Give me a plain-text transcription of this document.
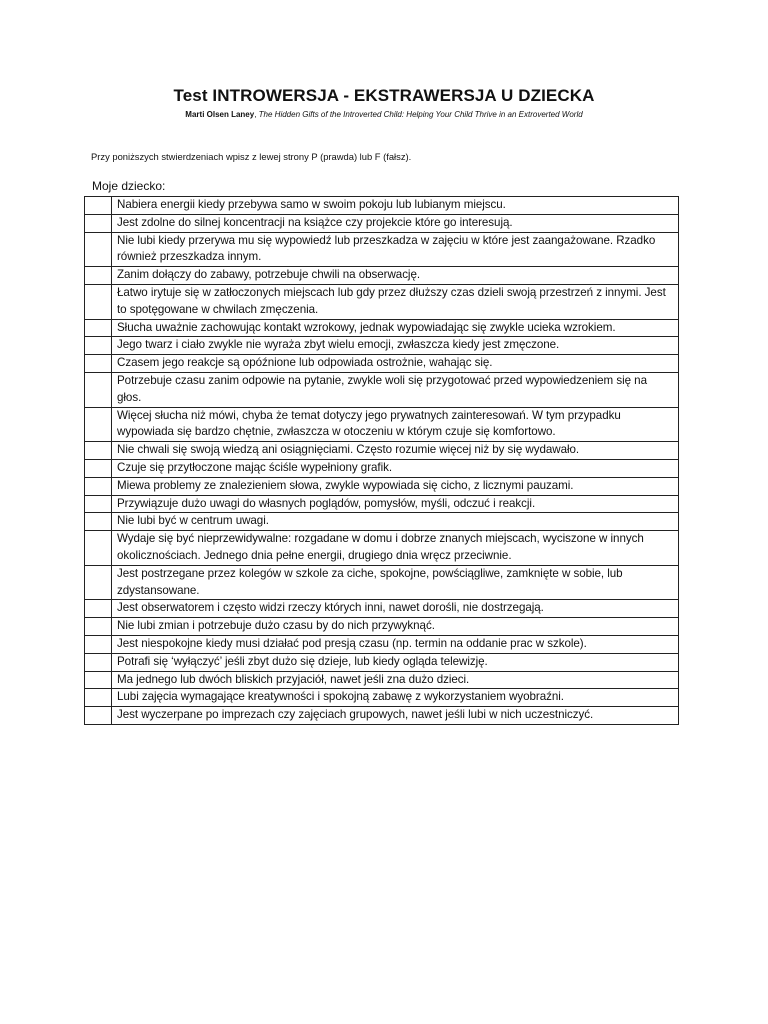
Test INTROWERSJA - EKSTRAWERSJA U DZIECKA
Marti Olsen Laney, The Hidden Gifts of the Introverted Child: Helping Your Child Thrive in an Extroverted World
Przy poniższych stwierdzeniach wpisz z lewej strony P (prawda) lub F (fałsz).
Moje dziecko:
	Nabiera energii kiedy przebywa samo w swoim pokoju lub lubianym miejscu.
	Jest zdolne do silnej koncentracji na książce czy projekcie które go interesują.
	Nie lubi kiedy przerywa mu się wypowiedź lub przeszkadza w zajęciu w które jest zaangażowane. Rzadko również przeszkadza innym.
	Zanim dołączy do zabawy, potrzebuje chwili na obserwację.
	Łatwo irytuje się w zatłoczonych miejscach lub gdy przez dłuższy czas dzieli swoją przestrzeń z innymi. Jest to spotęgowane w chwilach zmęczenia.
	Słucha uważnie zachowując kontakt wzrokowy, jednak wypowiadając się zwykle ucieka wzrokiem.
	Jego twarz i ciało zwykle nie wyraża zbyt wielu emocji, zwłaszcza kiedy jest zmęczone.
	Czasem jego reakcje są opóźnione lub odpowiada ostrożnie, wahając się.
	Potrzebuje czasu zanim odpowie na pytanie, zwykle woli się przygotować przed wypowiedzeniem się na głos.
	Więcej słucha niż mówi, chyba że temat dotyczy jego prywatnych zainteresowań. W tym przypadku wypowiada się bardzo chętnie, zwłaszcza w otoczeniu w którym czuje się komfortowo.
	Nie chwali się swoją wiedzą ani osiągnięciami. Często rozumie więcej niż by się wydawało.
	Czuje się przytłoczone mając ściśle wypełniony grafik.
	Miewa problemy ze znalezieniem słowa, zwykle wypowiada się cicho, z licznymi pauzami.
	Przywiązuje dużo uwagi do własnych poglądów, pomysłów, myśli, odczuć i reakcji.
	Nie lubi być w centrum uwagi.
	Wydaje się być nieprzewidywalne: rozgadane w domu i dobrze znanych miejscach, wyciszone w innych okolicznościach. Jednego dnia pełne energii, drugiego dnia wręcz przeciwnie.
	Jest postrzegane przez kolegów w szkole za ciche, spokojne, powściągliwe, zamknięte w sobie, lub zdystansowane.
	Jest obserwatorem i często widzi rzeczy których inni, nawet dorośli, nie dostrzegają.
	Nie lubi zmian i potrzebuje dużo czasu by do nich przywyknąć.
	Jest niespokojne kiedy musi działać pod presją czasu (np. termin na oddanie prac w szkole).
	Potrafi się ‘wyłączyć’ jeśli zbyt dużo się dzieje, lub kiedy ogląda telewizję.
	Ma jednego lub dwóch bliskich przyjaciół, nawet jeśli zna dużo dzieci.
	Lubi zajęcia wymagające kreatywności i spokojną zabawę z wykorzystaniem wyobraźni.
	Jest wyczerpane po imprezach czy zajęciach grupowych, nawet jeśli lubi w nich uczestniczyć.
